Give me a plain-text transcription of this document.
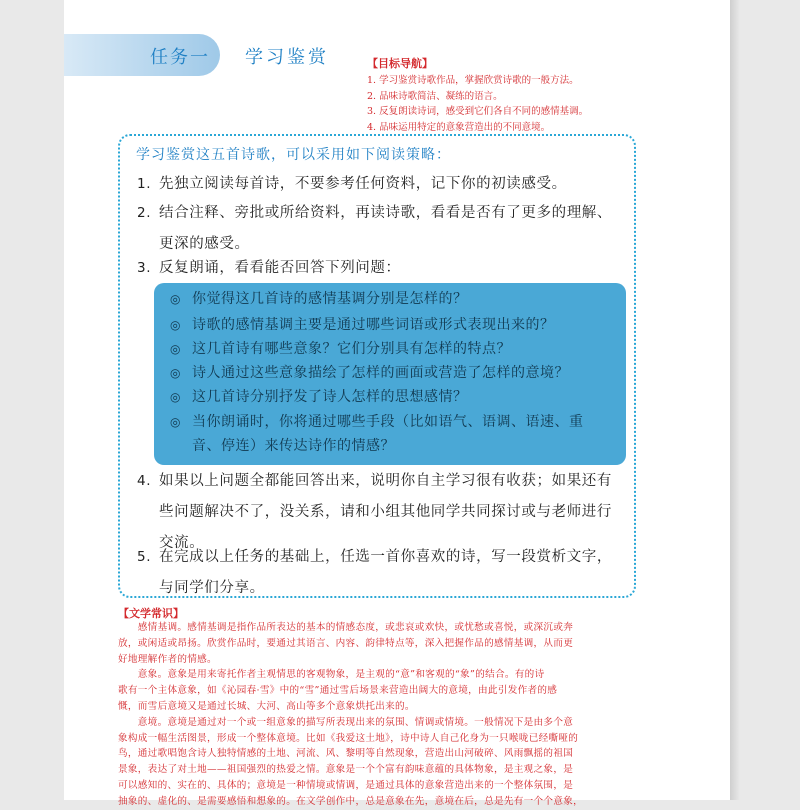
任务一 学习鉴赏	【目标导航】
1. 学习鉴赏诗歌作品，掌握欣赏诗歌的一般方法。
2. 品味诗歌简洁、凝练的语言。
3. 反复朗读诗词，感受到它们各自不同的感情基调。
4. 品味运用特定的意象营造出的不同意境。
学习鉴赏这五首诗歌，可以采用如下阅读策略：
1. 先独立阅读每首诗，不要参考任何资料，记下你的初读感受。
2. 结合注释、旁批或所给资料，再读诗歌，看看是否有了更多的理解、
更深的感受。
3. 反复朗诵，看看能否回答下列问题：
◎ 你觉得这几首诗的感情基调分别是怎样的？
◎ 诗歌的感情基调主要是通过哪些词语或形式表现出来的？
◎ 这几首诗有哪些意象？它们分别具有怎样的特点？
◎ 诗人通过这些意象描绘了怎样的画面或营造了怎样的意境？
◎ 这几首诗分别抒发了诗人怎样的思想感情？
◎ 当你朗诵时，你将通过哪些手段（比如语气、语调、语速、重
音、停连）来传达诗作的情感？
4. 如果以上问题全都能回答出来，说明你自主学习很有收获；如果还有
些问题解决不了，没关系，请和小组其他同学共同探讨或与老师进行
交流。
5. 在完成以上任务的基础上，任选一首你喜欢的诗，写一段赏析文字，
与同学们分享。
【文学常识】
　　感情基调。感情基调是指作品所表达的基本的情感态度，或悲哀或欢快，或忧愁或喜悦，或深沉或奔
放，或闲适或昂扬。欣赏作品时，要通过其语言、内容、韵律特点等，深入把握作品的感情基调，从而更
好地理解作者的情感。
　　意象。意象是用来寄托作者主观情思的客观物象，是主观的“意”和客观的“象”的结合。有的诗
歌有一个主体意象，如《沁园春·雪》中的“雪”通过雪后场景来营造出阔大的意境，由此引发作者的感
慨，而雪后意境又是通过长城、大河、高山等多个意象烘托出来的。
　　意境。意境是通过对一个或一组意象的描写所表现出来的氛围、情调或情境。一般情况下是由多个意
象构成一幅生活图景，形成一个整体意境。比如《我爱这土地》，诗中诗人自己化身为一只喉咙已经嘶哑的
鸟，通过歌唱饱含诗人独特情感的土地、河流、风、黎明等自然现象，营造出山河破碎、风雨飘摇的祖国
景象，表达了对土地——祖国强烈的热爱之情。意象是一个个富有韵味意蕴的具体物象，是主观之象，是
可以感知的、实在的、具体的；意境是一种情境或情调，是通过具体的意象营造出来的一个整体氛围，是
抽象的、虚化的、是需要感悟和想象的。在文学创作中，总是意象在先，意境在后，总是先有一个个意象，
